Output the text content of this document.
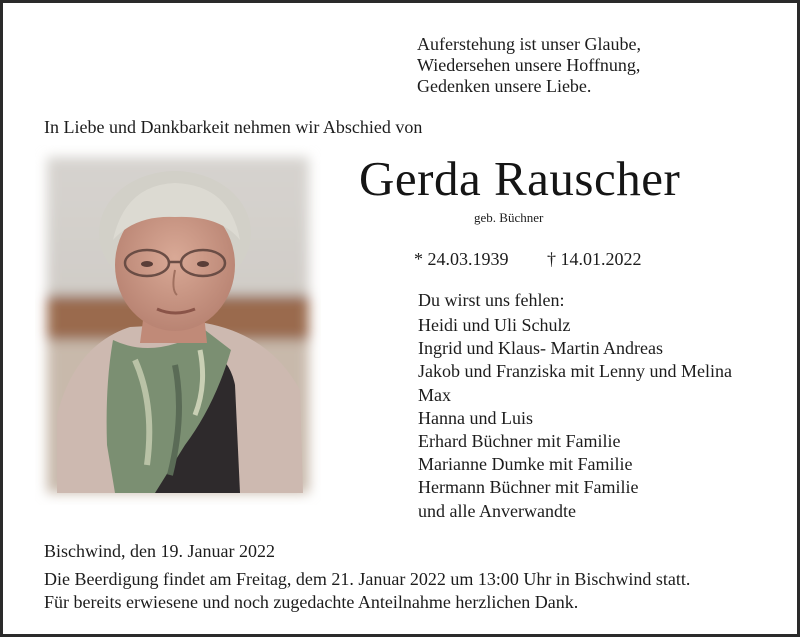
Auferstehung ist unser Glaube,
Wiedersehen unsere Hoffnung,
Gedenken unsere Liebe.
In Liebe und Dankbarkeit nehmen wir Abschied von
Gerda Rauscher
geb. Büchner
* 24.03.1939 † 14.01.2022
Du wirst uns fehlen:
Heidi und Uli Schulz
Ingrid und Klaus- Martin Andreas
Jakob und Franziska mit Lenny und Melina
Max
Hanna und Luis
Erhard Büchner mit Familie
Marianne Dumke mit Familie
Hermann Büchner mit Familie
und alle Anverwandte
Bischwind, den 19. Januar 2022
Die Beerdigung findet am Freitag, dem 21. Januar 2022 um 13:00 Uhr in Bischwind statt.
Für bereits erwiesene und noch zugedachte Anteilnahme herzlichen Dank.
